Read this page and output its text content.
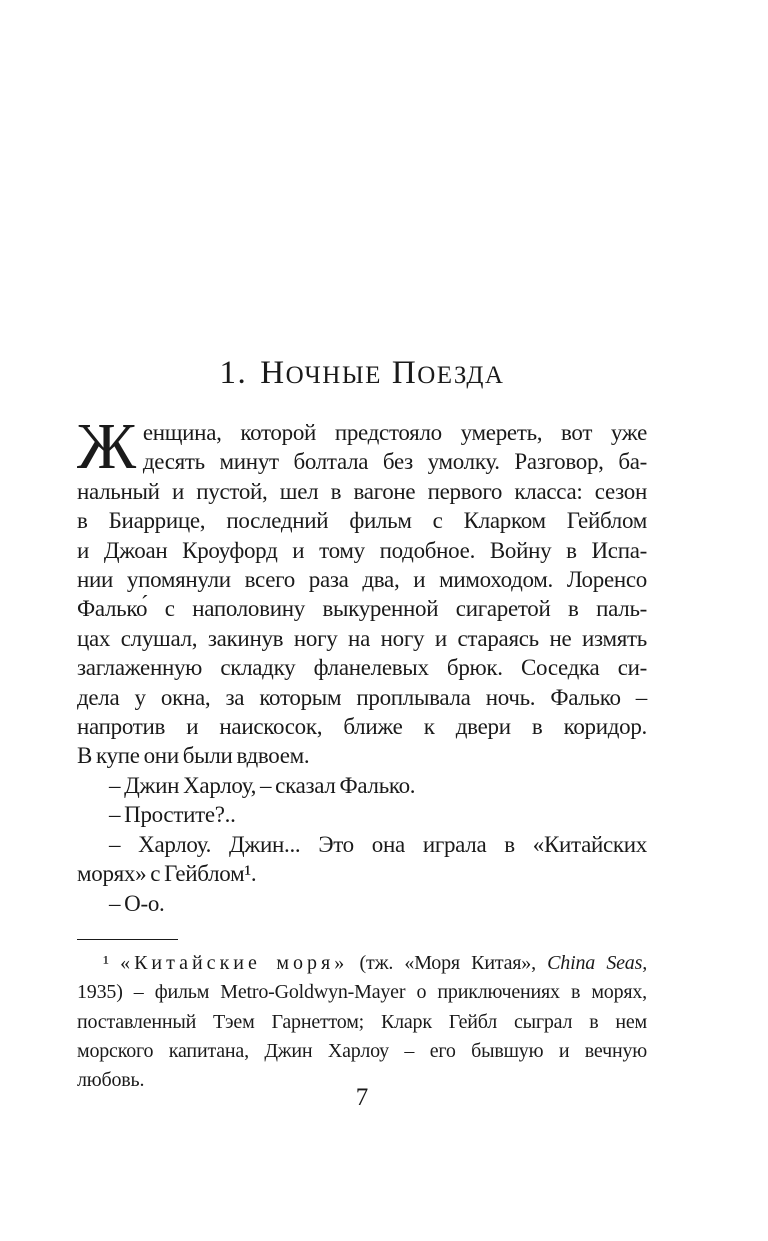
1. НОЧНЫЕ ПОЕЗДА
Ж енщина, которой предстояло умереть, вот уже
десять минут болтала без умолку. Разговор, ба-
нальный и пустой, шел в вагоне первого класса: сезон
в Биаррице, последний фильм с Кларком Гейблом
и Джоан Кроуфорд и тому подобное. Войну в Испа-
нии упомянули всего раза два, и мимоходом. Лоренсо
Фалько́ с наполовину выкуренной сигаретой в паль-
цах слушал, закинув ногу на ногу и стараясь не измять
заглаженную складку фланелевых брюк. Соседка си-
дела у окна, за которым проплывала ночь. Фалько –
напротив и наискосок, ближе к двери в коридор.
В купе они были вдвоем.
– Джин Харлоу, – сказал Фалько.
– Простите?..
– Харлоу. Джин... Это она играла в «Китайских
морях» с Гейблом¹.
– О-о.
¹ «Китайские моря» (тж. «Моря Китая», China Seas,
1935) – фильм Metro-Goldwyn-Mayer о приключениях в морях,
поставленный Тэем Гарнеттом; Кларк Гейбл сыграл в нем
морского капитана, Джин Харлоу – его бывшую и вечную
любовь.
7
